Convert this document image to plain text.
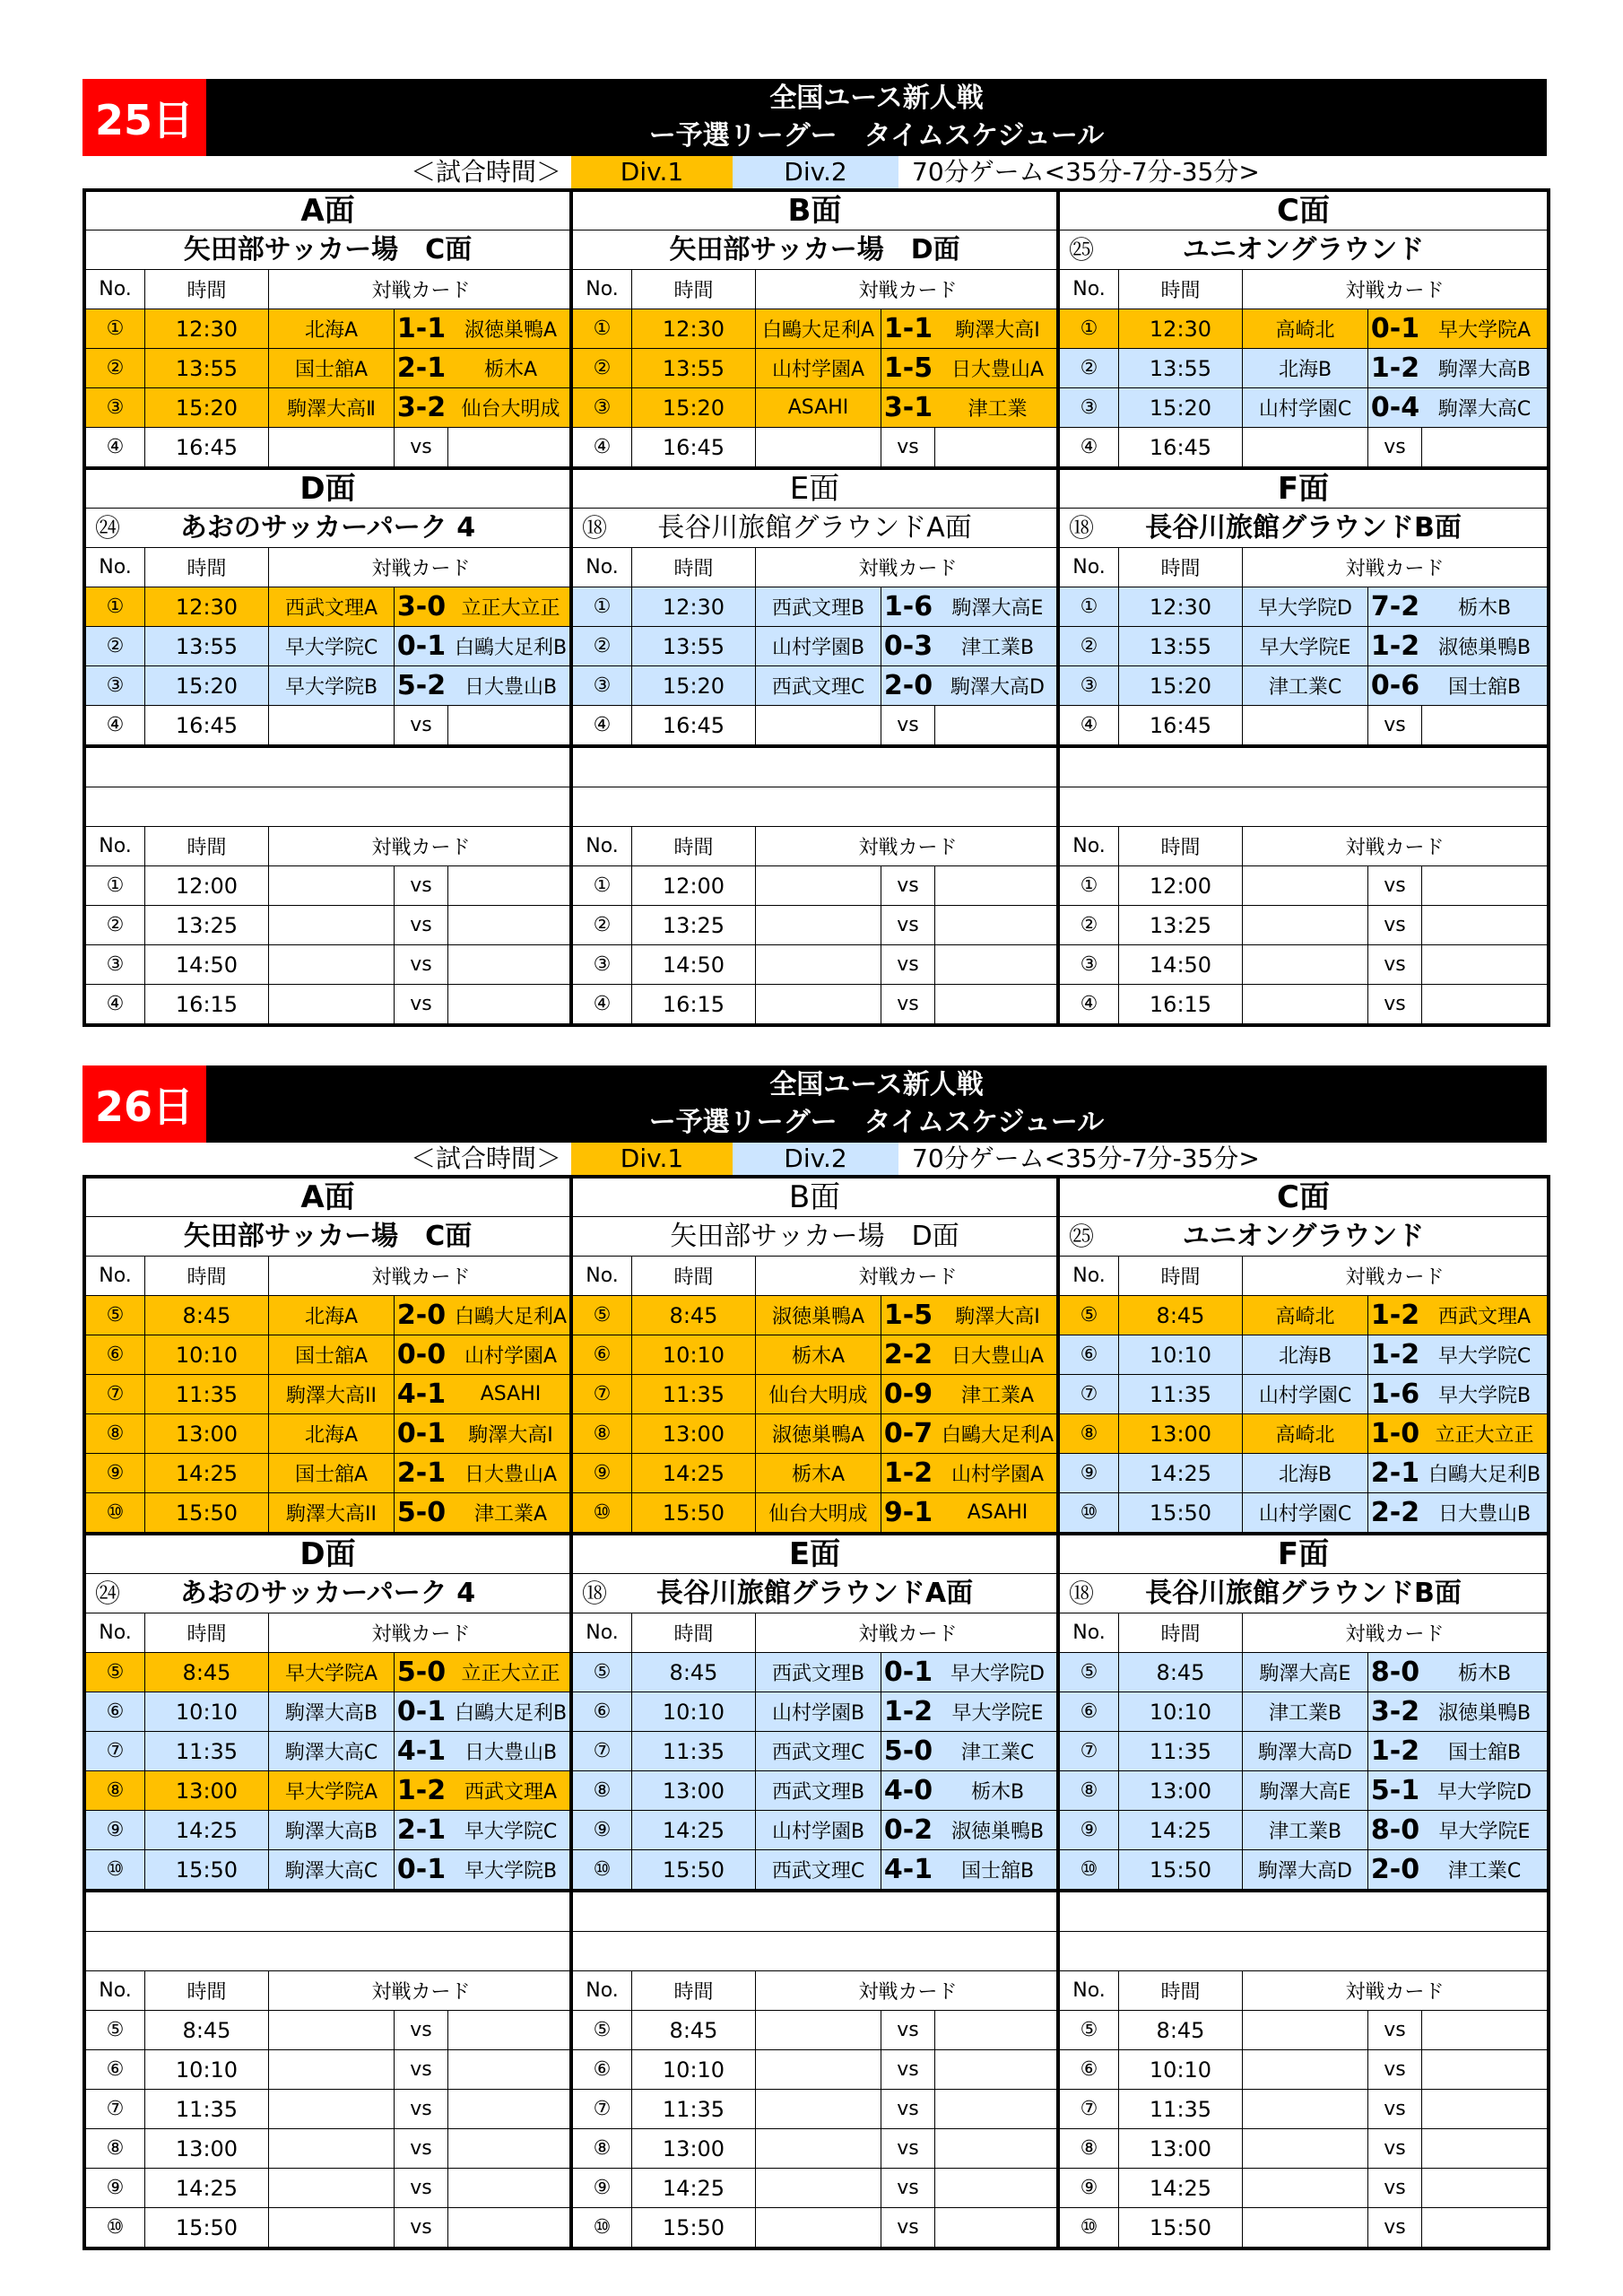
25日	全国ユース新人戦
ー予選リーグー　タイムスケジュール
＜試合時間＞	Div.1	Div.2	70分ゲーム<35分-7分-35分>
A面
矢田部サッカー場　C面
No.	時間	対戦カード
①	12:30	北海A	1-1 淑徳巣鴨A
②	13:55	国士舘A	2-1	栃木A
③	15:20	駒澤大高Ⅱ 3-2 仙台大明成
④	16:45	vs
B面
矢田部サッカー場　D面
No.	時間	対戦カード
①	12:30	白鷗大足利A 1-1	駒澤大高Ⅰ
②	13:55	山村学園A 1-5 日大豊山A
③	15:20	ASAHI	3-1	津工業
④	16:45	vs
C面
㉕	ユニオングラウンド
No.	時間	対戦カード
①	12:30	高崎北	0-1 早大学院A
②	13:55	北海B	1-2 駒澤大高B
③	15:20	山村学園C 0-4 駒澤大高C
④	16:45	vs
D面
㉔	あおのサッカーパーク 4
No.	時間	対戦カード
①	12:30	西武文理A 3-0 立正大立正
②	13:55	早大学院C 0-1 白鷗大足利B
③	15:20	早大学院B 5-2 日大豊山B
④	16:45	vs
E面
⑱	長谷川旅館グラウンドA面
No.	時間	対戦カード
①	12:30	西武文理B 1-6 駒澤大高E
②	13:55	山村学園B 0-3	津工業B
③	15:20	西武文理C 2-0 駒澤大高D
④	16:45	vs
F面
⑱	長谷川旅館グラウンドB面
No.	時間	対戦カード
①	12:30	早大学院D 7-2	栃木B
②	13:55	早大学院E 1-2 淑徳巣鴨B
③	15:20	津工業C	0-6	国士舘B
④	16:45	vs
No.	時間	対戦カード
①	12:00	vs
②	13:25	vs
③	14:50	vs
④	16:15	vs
No.	時間	対戦カード
①	12:00	vs
②	13:25	vs
③	14:50	vs
④	16:15	vs
No.	時間	対戦カード
①	12:00	vs
②	13:25	vs
③	14:50	vs
④	16:15	vs
26日	全国ユース新人戦
ー予選リーグー　タイムスケジュール
＜試合時間＞	Div.1	Div.2	70分ゲーム<35分-7分-35分>
A面
矢田部サッカー場　C面
No.	時間	対戦カード
⑤	8:45	北海A	2-0 白鷗大足利A
⑥	10:10	国士舘A	0-0 山村学園A
⑦	11:35	駒澤大高II 4-1	ASAHI
⑧	13:00	北海A	0-1	駒澤大高Ⅰ
⑨	14:25	国士舘A	2-1 日大豊山A
⑩	15:50	駒澤大高II 5-0	津工業A
B面
矢田部サッカー場　D面
No.	時間	対戦カード
⑤	8:45	淑徳巣鴨A 1-5	駒澤大高Ⅰ
⑥	10:10	栃木A	2-2 日大豊山A
⑦	11:35	仙台大明成 0-9	津工業A
⑧	13:00	淑徳巣鴨A 0-7 白鷗大足利A
⑨	14:25	栃木A	1-2 山村学園A
⑩	15:50	仙台大明成 9-1	ASAHI
C面
㉕	ユニオングラウンド
No.	時間	対戦カード
⑤	8:45	高崎北	1-2 西武文理A
⑥	10:10	北海B	1-2 早大学院C
⑦	11:35	山村学園C 1-6 早大学院B
⑧	13:00	高崎北	1-0 立正大立正
⑨	14:25	北海B	2-1 白鷗大足利B
⑩	15:50	山村学園C 2-2 日大豊山B
D面
㉔	あおのサッカーパーク 4
No.	時間	対戦カード
⑤	8:45	早大学院A 5-0 立正大立正
⑥	10:10	駒澤大高B 0-1 白鷗大足利B
⑦	11:35	駒澤大高C 4-1 日大豊山B
⑧	13:00	早大学院A 1-2 西武文理A
⑨	14:25	駒澤大高B 2-1 早大学院C
⑩	15:50	駒澤大高C 0-1 早大学院B
E面
⑱	長谷川旅館グラウンドA面
No.	時間	対戦カード
⑤	8:45	西武文理B 0-1 早大学院D
⑥	10:10	山村学園B 1-2 早大学院E
⑦	11:35	西武文理C 5-0	津工業C
⑧	13:00	西武文理B 4-0	栃木B
⑨	14:25	山村学園B 0-2 淑徳巣鴨B
⑩	15:50	西武文理C 4-1	国士舘B
F面
⑱	長谷川旅館グラウンドB面
No.	時間	対戦カード
⑤	8:45	駒澤大高E 8-0	栃木B
⑥	10:10	津工業B	3-2 淑徳巣鴨B
⑦	11:35	駒澤大高D 1-2	国士舘B
⑧	13:00	駒澤大高E 5-1 早大学院D
⑨	14:25	津工業B	8-0 早大学院E
⑩	15:50	駒澤大高D 2-0	津工業C
No.	時間	対戦カード
⑤	8:45	vs
⑥	10:10	vs
⑦	11:35	vs
⑧	13:00	vs
⑨	14:25	vs
⑩	15:50	vs
No.	時間	対戦カード
⑤	8:45	vs
⑥	10:10	vs
⑦	11:35	vs
⑧	13:00	vs
⑨	14:25	vs
⑩	15:50	vs
No.	時間	対戦カード
⑤	8:45	vs
⑥	10:10	vs
⑦	11:35	vs
⑧	13:00	vs
⑨	14:25	vs
⑩	15:50	vs
